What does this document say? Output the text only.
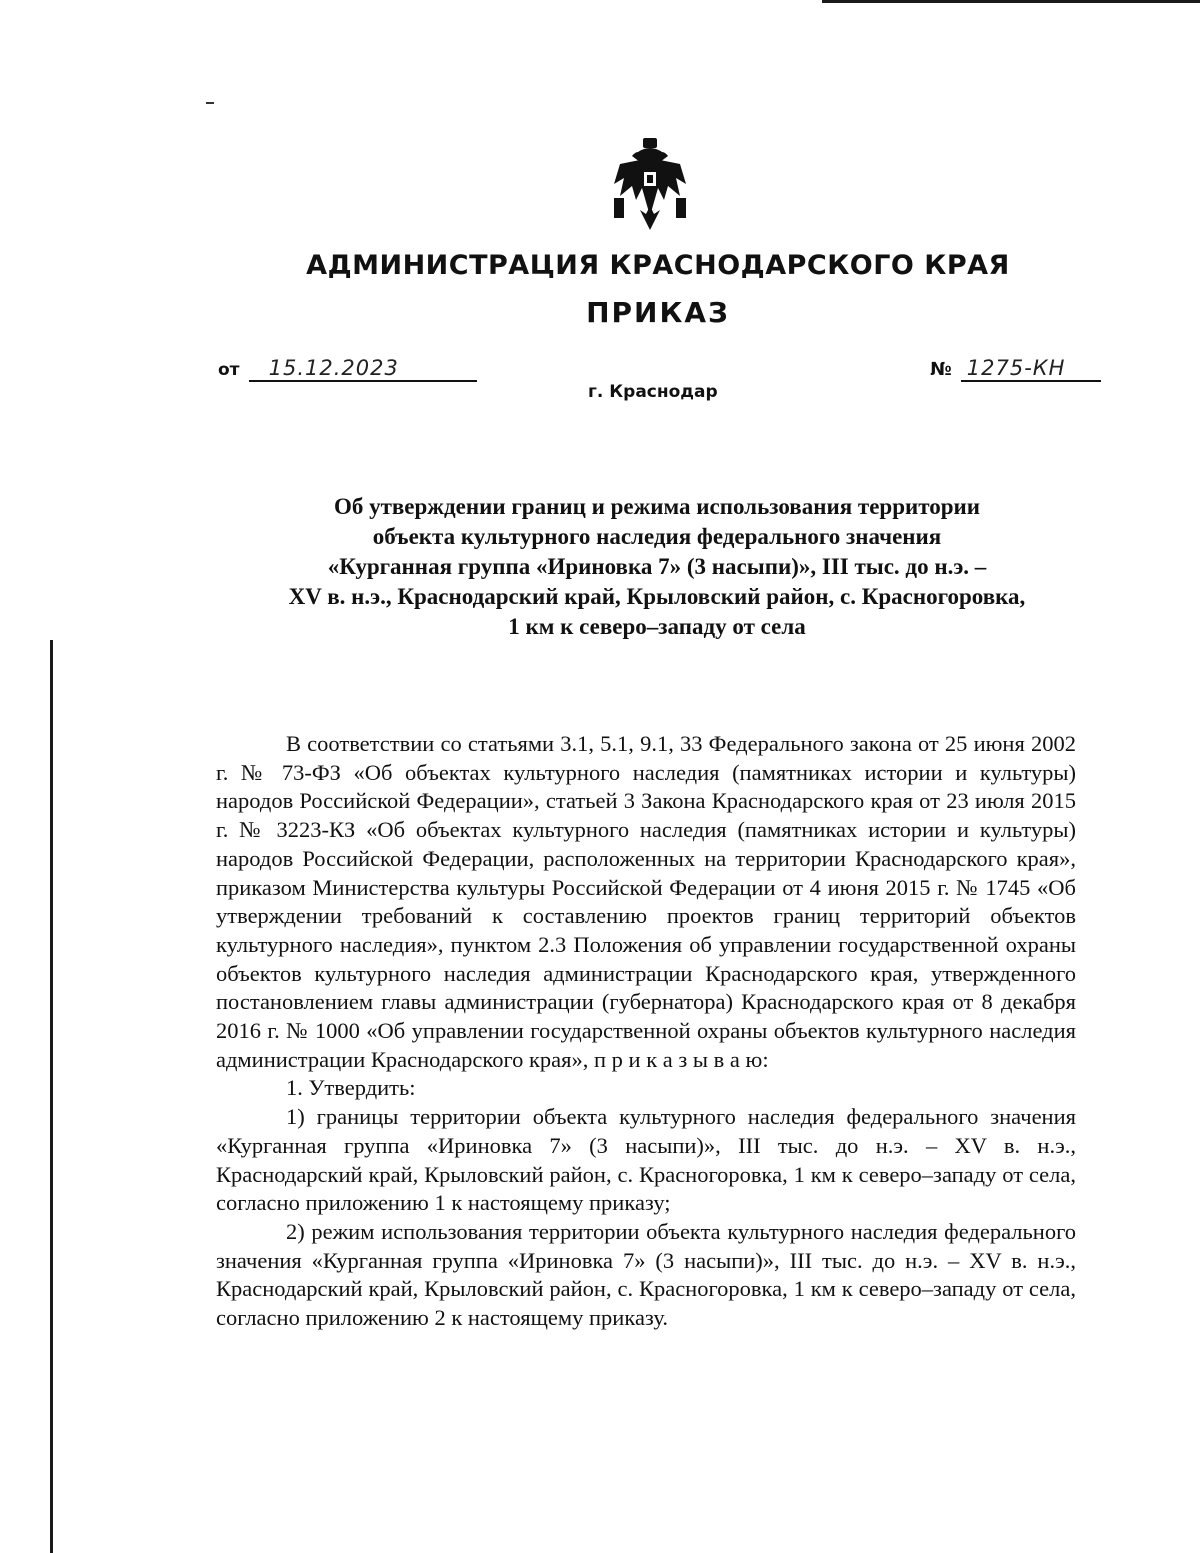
АДМИНИСТРАЦИЯ КРАСНОДАРСКОГО КРАЯ
ПРИКАЗ
от 15.12.2023	№ 1275-КН
г. Краснодар
Об утверждении границ и режима использования территории
объекта культурного наследия федерального значения
«Курганная группа «Ириновка 7» (3 насыпи)», III тыс. до н.э. –
XV в. н.э., Краснодарский край, Крыловский район, с. Красногоровка,
1 км к северо–западу от села

В соответствии со статьями 3.1, 5.1, 9.1, 33 Федерального закона от 25 июня 2002 г. № 73-ФЗ «Об объектах культурного наследия (памятниках истории и культуры) народов Российской Федерации», статьей 3 Закона Краснодарского края от 23 июля 2015 г. № 3223-КЗ «Об объектах культурного наследия (памятниках истории и культуры) народов Российской Федерации, расположенных на территории Краснодарского края», приказом Министерства культуры Российской Федерации от 4 июня 2015 г. № 1745 «Об утверждении требований к составлению проектов границ территорий объектов культурного наследия», пунктом 2.3 Положения об управлении государственной охраны объектов культурного наследия администрации Краснодарского края, утвержденного постановлением главы администрации (губернатора) Краснодарского края от 8 декабря 2016 г. № 1000 «Об управлении государственной охраны объектов культурного наследия администрации Краснодарского края», п р и к а з ы в а ю:

1. Утвердить:

1) границы территории объекта культурного наследия федерального значения «Курганная группа «Ириновка 7» (3 насыпи)», III тыс. до н.э. – XV в. н.э., Краснодарский край, Крыловский район, с. Красногоровка, 1 км к северо–западу от села, согласно приложению 1 к настоящему приказу;

2) режим использования территории объекта культурного наследия федерального значения «Курганная группа «Ириновка 7» (3 насыпи)», III тыс. до н.э. – XV в. н.э., Краснодарский край, Крыловский район, с. Красногоровка, 1 км к северо–западу от села, согласно приложению 2 к настоящему приказу.
